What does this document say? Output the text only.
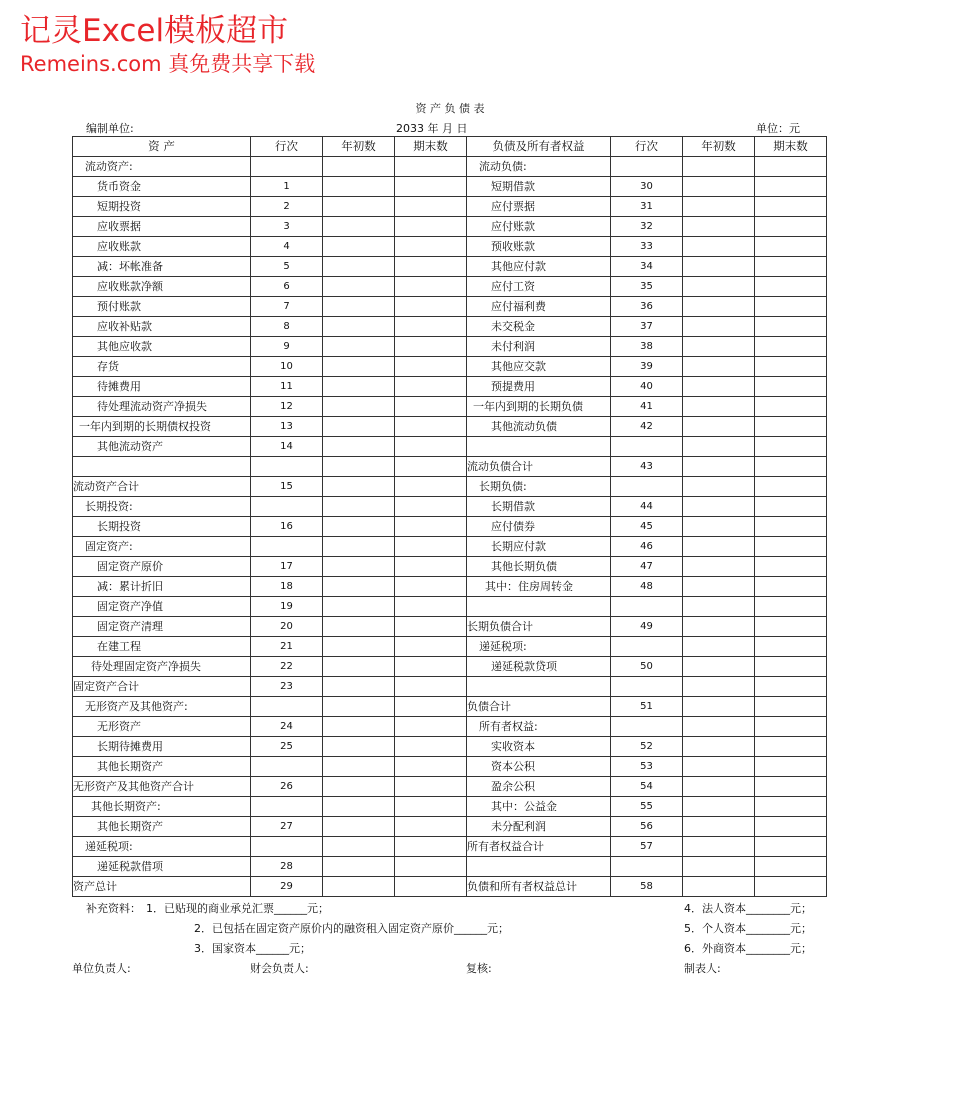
记灵Excel模板超市
Remeins.com 真免费共享下载
资 产 负 债 表
编制单位:	2033 年 月 日	单位：元
资 产	行次	年初数	期末数	负债及所有者权益	行次	年初数	期末数

流动资产:				流动负债:			

货币资金	1			短期借款	30		

短期投资	2			应付票据	31		

应收票据	3			应付账款	32		

应收账款	4			预收账款	33		

减：坏帐准备	5			其他应付款	34		

应收账款净额	6			应付工资	35		

预付账款	7			应付福利费	36		

应收补贴款	8			未交税金	37		

其他应收款	9			未付利润	38		

存货	10			其他应交款	39		

待摊费用	11			预提费用	40		

待处理流动资产净损失	12			一年内到期的长期负债	41		

一年内到期的长期债权投资	13			其他流动负债	42		

其他流动资产	14			

				流动负债合计	43		

流动资产合计	15			长期负债:			

长期投资:				长期借款	44		

长期投资	16			应付债券	45		

固定资产:				长期应付款	46		

固定资产原价	17			其他长期负债	47		

减：累计折旧	18			其中：住房周转金	48		

固定资产净值	19			

固定资产清理	20			长期负债合计	49		

在建工程	21			递延税项:			

待处理固定资产净损失	22			递延税款贷项	50		

固定资产合计	23			

无形资产及其他资产:				负债合计	51		

无形资产	24			所有者权益:			

长期待摊费用	25			实收资本	52		

其他长期资产				资本公积	53		

无形资产及其他资产合计	26			盈余公积	54		

其他长期资产:				其中：公益金	55		

其他长期资产	27			未分配利润	56		

递延税项:				所有者权益合计	57		

递延税款借项	28			

资产总计	29			负债和所有者权益总计	58		
补充资料： 1．已贴现的商业承兑汇票______元；
2．已包括在固定资产原价内的融资租入固定资产原价______元；
3．国家资本______元；
4．法人资本________元；
5．个人资本________元；
6．外商资本________元；
单位负责人:	财会负责人:	复核:	制表人:
